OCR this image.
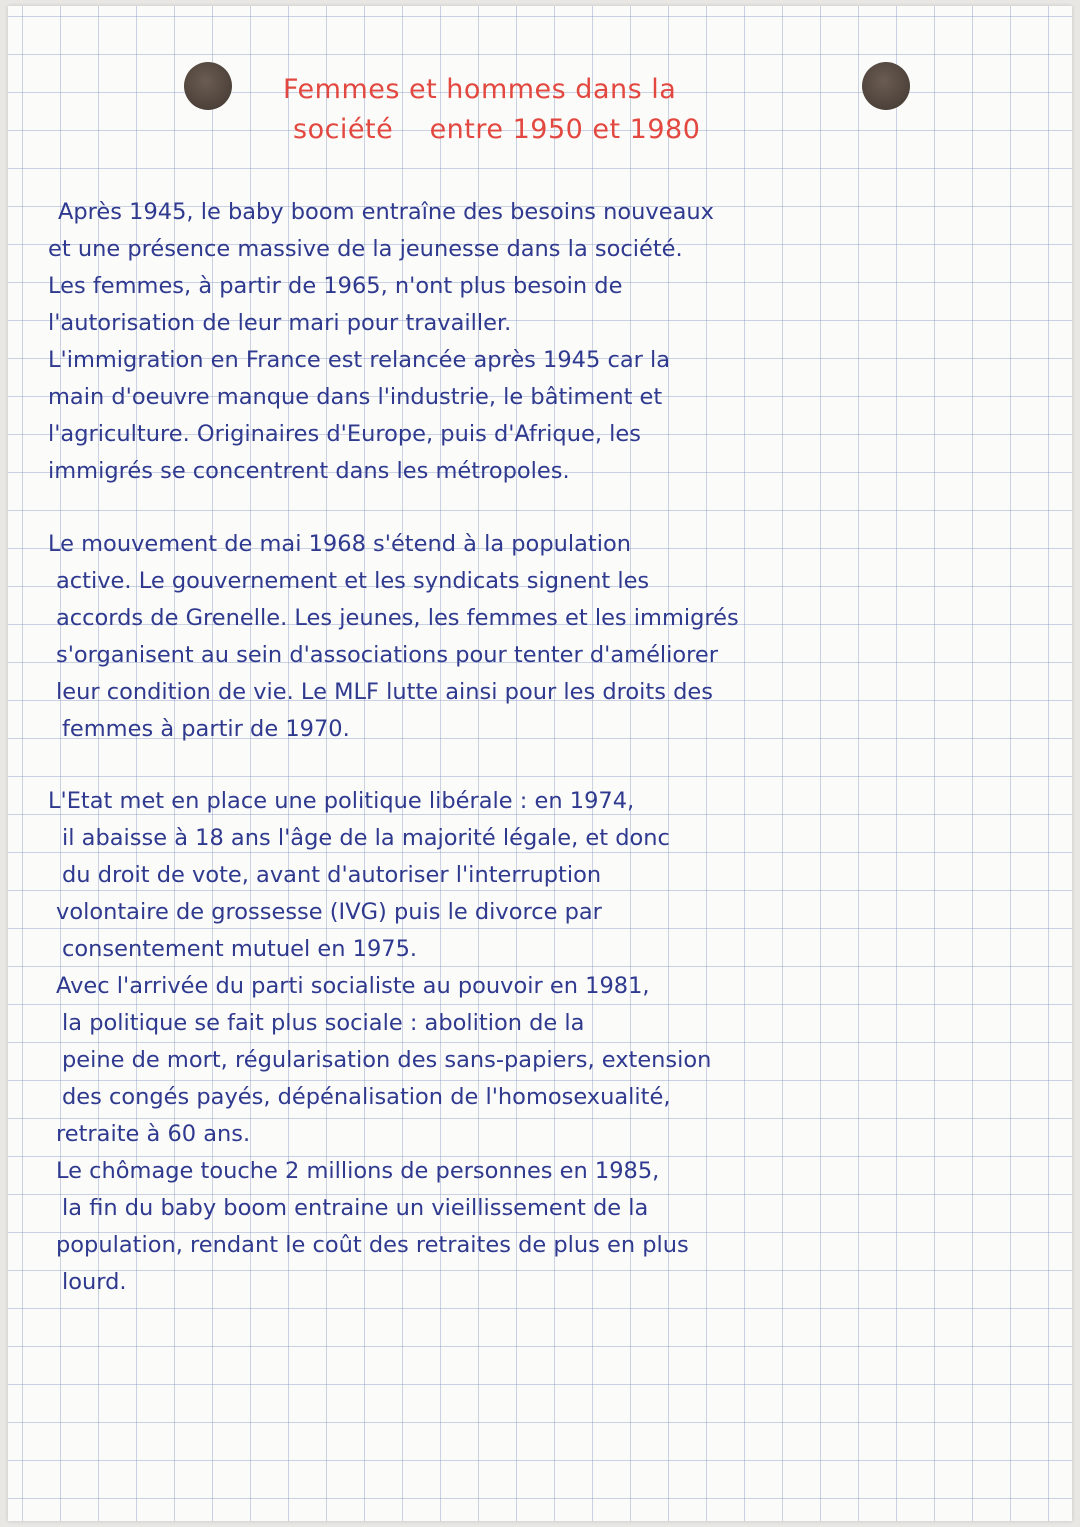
Femmes et hommes dans la
société    entre 1950 et 1980
Après 1945, le baby boom entraîne des besoins nouveaux
et une présence massive de la jeunesse dans la société.
Les femmes, à partir de 1965, n'ont plus besoin de
l'autorisation de leur mari pour travailler.
L'immigration en France est relancée après 1945 car la
main d'oeuvre manque dans l'industrie, le bâtiment et
l'agriculture. Originaires d'Europe, puis d'Afrique, les
immigrés se concentrent dans les métropoles.
Le mouvement de mai 1968 s'étend à la population
active. Le gouvernement et les syndicats signent les
accords de Grenelle. Les jeunes, les femmes et les immigrés
s'organisent au sein d'associations pour tenter d'améliorer
leur condition de vie. Le MLF lutte ainsi pour les droits des
femmes à partir de 1970.
L'Etat met en place une politique libérale : en 1974,
il abaisse à 18 ans l'âge de la majorité légale, et donc
du droit de vote, avant d'autoriser l'interruption
volontaire de grossesse (IVG) puis le divorce par
consentement mutuel en 1975.
Avec l'arrivée du parti socialiste au pouvoir en 1981,
la politique se fait plus sociale : abolition de la
peine de mort, régularisation des sans-papiers, extension
des congés payés, dépénalisation de l'homosexualité,
retraite à 60 ans.
Le chômage touche 2 millions de personnes en 1985,
la fin du baby boom entraine un vieillissement de la
population, rendant le coût des retraites de plus en plus
lourd.
